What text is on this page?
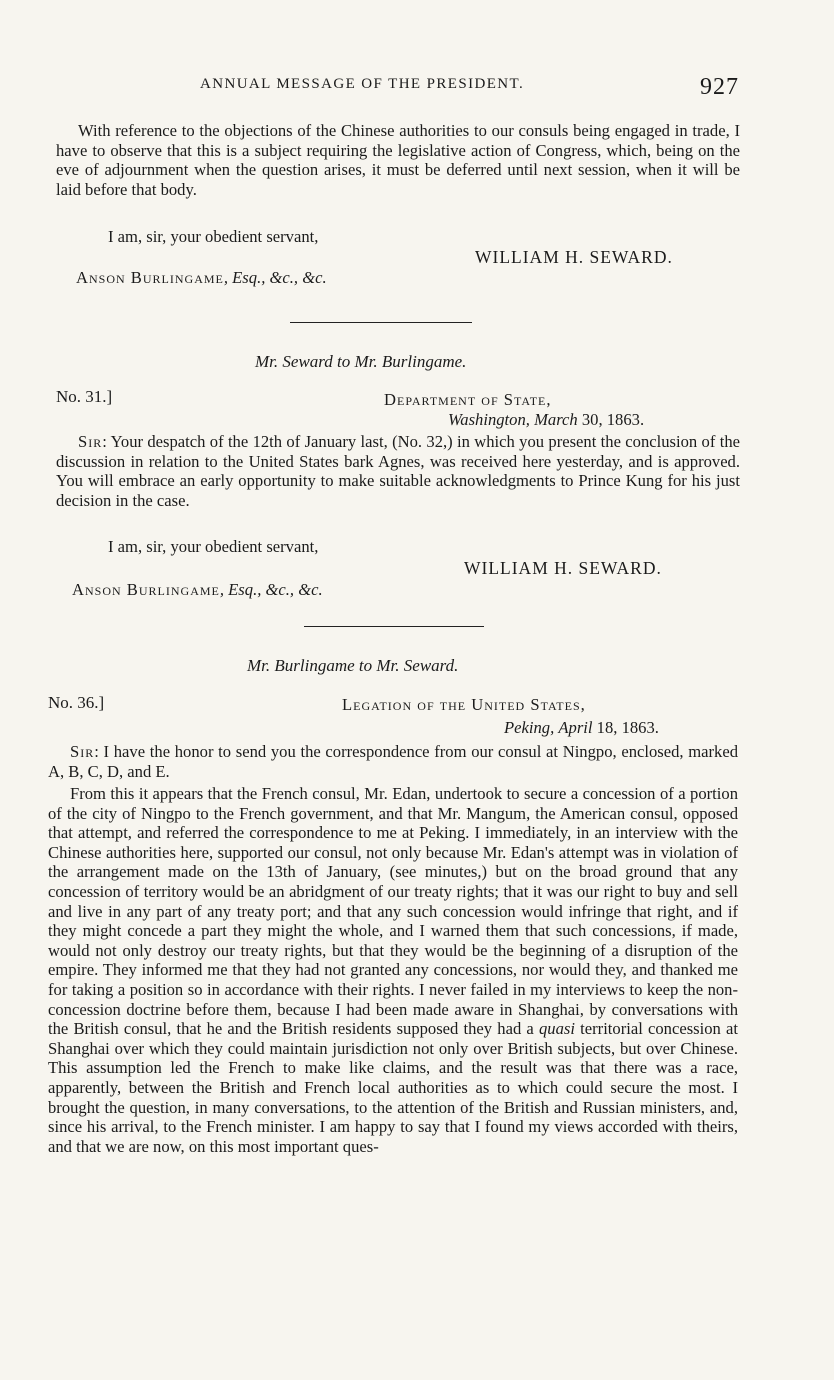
ANNUAL MESSAGE OF THE PRESIDENT.	927

With reference to the objections of the Chinese authorities to our consuls being engaged in trade, I have to observe that this is a subject requiring the legislative action of Congress, which, being on the eve of adjournment when the question arises, it must be deferred until next session, when it will be laid before that body.

I am, sir, your obedient servant,
WILLIAM H. SEWARD.
Anson Burlingame, Esq., &c., &c.
Mr. Seward to Mr. Burlingame.
No. 31.]	Department of State,
Washington, March 30, 1863.

Sir: Your despatch of the 12th of January last, (No. 32,) in which you present the conclusion of the discussion in relation to the United States bark Agnes, was received here yesterday, and is approved. You will embrace an early opportunity to make suitable acknowledgments to Prince Kung for his just decision in the case.

I am, sir, your obedient servant,
WILLIAM H. SEWARD.
Anson Burlingame, Esq., &c., &c.
Mr. Burlingame to Mr. Seward.
No. 36.]	Legation of the United States,
Peking, April 18, 1863.

Sir: I have the honor to send you the correspondence from our consul at Ningpo, enclosed, marked A, B, C, D, and E.

From this it appears that the French consul, Mr. Edan, undertook to secure a concession of a portion of the city of Ningpo to the French government, and that Mr. Mangum, the American consul, opposed that attempt, and referred the correspondence to me at Peking. I immediately, in an interview with the Chinese authorities here, supported our consul, not only because Mr. Edan's attempt was in violation of the arrangement made on the 13th of January, (see minutes,) but on the broad ground that any concession of territory would be an abridgment of our treaty rights; that it was our right to buy and sell and live in any part of any treaty port; and that any such concession would infringe that right, and if they might concede a part they might the whole, and I warned them that such concessions, if made, would not only destroy our treaty rights, but that they would be the beginning of a disruption of the empire. They informed me that they had not granted any concessions, nor would they, and thanked me for taking a position so in accordance with their rights. I never failed in my interviews to keep the non-concession doctrine before them, because I had been made aware in Shanghai, by conversations with the British consul, that he and the British residents supposed they had a quasi territorial concession at Shanghai over which they could maintain jurisdiction not only over British subjects, but over Chinese. This assumption led the French to make like claims, and the result was that there was a race, apparently, between the British and French local authorities as to which could secure the most. I brought the question, in many conversations, to the attention of the British and Russian ministers, and, since his arrival, to the French minister. I am happy to say that I found my views accorded with theirs, and that we are now, on this most important ques-
